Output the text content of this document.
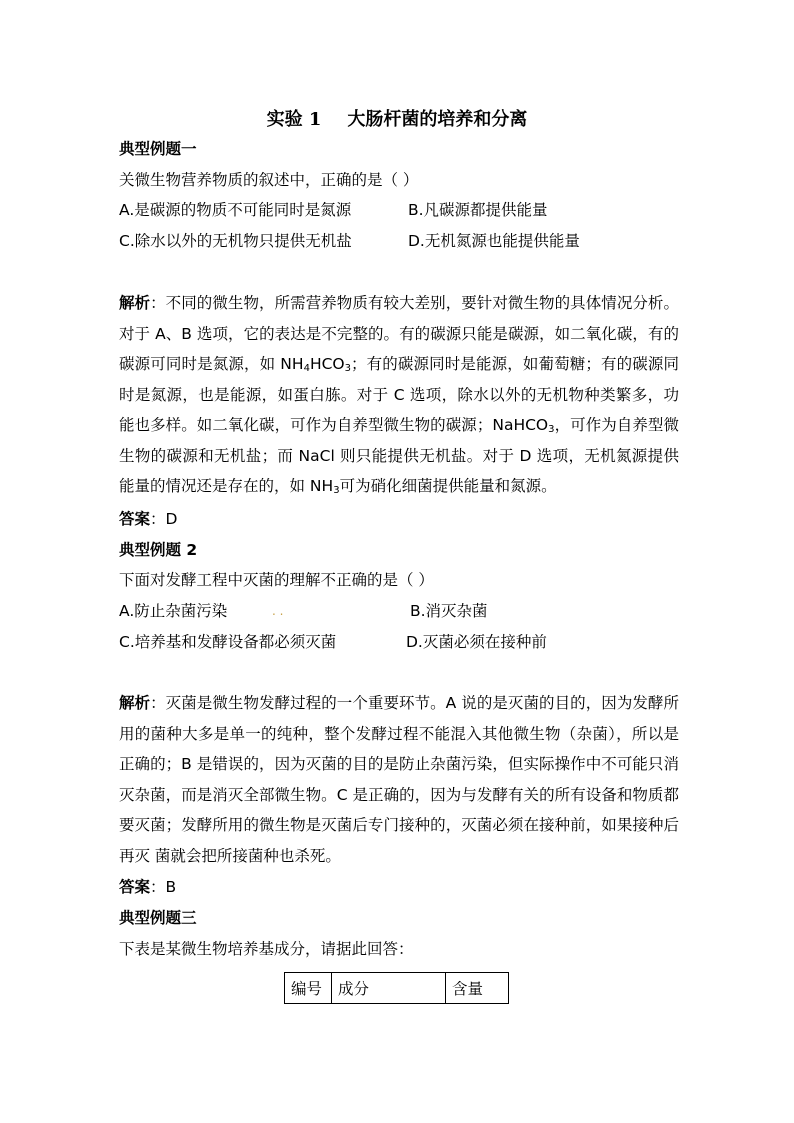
实验 1 大肠杆菌的培养和分离
典型例题一
关微生物营养物质的叙述中，正确的是（ ）
A.是碳源的物质不可能同时是氮源	B.凡碳源都提供能量
C.除水以外的无机物只提供无机盐	D.无机氮源也能提供能量
解析：不同的微生物，所需营养物质有较大差别，要针对微生物的具体情况分析。对于 A、B 选项，它的表达是不完整的。有的碳源只能是碳源，如二氧化碳，有的碳源可同时是氮源，如 $NH_4HCO_3$；有的碳源同时是能源，如葡萄糖；有的碳源同时是氮源，也是能源，如蛋白胨。对于 C 选项，除水以外的无机物种类繁多，功能也多样。如二氧化碳，可作为自养型微生物的碳源；NaHCO$_3$，可作为自养型微生物的碳源和无机盐；而 NaCl 则只能提供无机盐。对于 D 选项，无机氮源提供能量的情况还是存在的，如 $NH_3$可为硝化细菌提供能量和氮源。
答案：D
典型例题 2
下面对发酵工程中灭菌的理解不正确的是（ ）
A.防止杂菌污染	. .	B.消灭杂菌
C.培养基和发酵设备都必须灭菌	D.灭菌必须在接种前
解析：灭菌是微生物发酵过程的一个重要环节。A 说的是灭菌的目的，因为发酵所用的菌种大多是单一的纯种，整个发酵过程不能混入其他微生物（杂菌），所以是正确的；B 是错误的，因为灭菌的目的是防止杂菌污染，但实际操作中不可能只消灭杂菌，而是消灭全部微生物。C 是正确的，因为与发酵有关的所有设备和物质都要灭菌；发酵所用的微生物是灭菌后专门接种的，灭菌必须在接种前，如果接种后再灭 菌就会把所接菌种也杀死。
答案：B
典型例题三
下表是某微生物培养基成分，请据此回答：
编号	成分	含量
